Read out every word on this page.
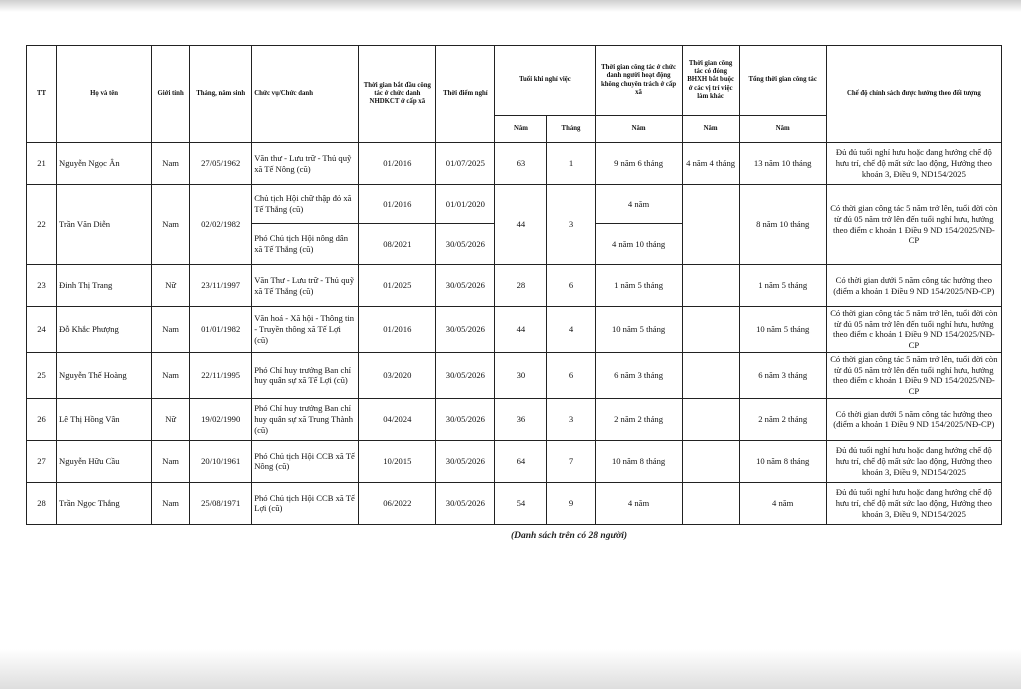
TT	Họ và tên	Giới tính	Tháng, năm sinh	Chức vụ/Chức danh	Thời gian bắt đầu công tác ở chức danh NHDKCT ở cấp xã	Thời điểm nghỉ	Tuổi khi nghỉ việc		Thời gian công tác ở chức danh người hoạt động không chuyên trách ở cấp xã	Thời gian công tác có đóng BHXH bắt buộc ở các vị trí việc làm khác	Tổng thời gian công tác	Chế độ chính sách được hưởng theo đối tượng
							Năm	Tháng	Năm	Năm	Năm	
21	Nguyễn Ngọc Ân	Nam	27/05/1962	Văn thư - Lưu trữ - Thủ quỹ xã Tế Nông (cũ)	01/2016	01/07/2025	63	1	9 năm 6 tháng	4 năm 4 tháng	13 năm 10 tháng	Đủ đủ tuổi nghỉ hưu hoặc đang hưởng chế độ hưu trí, chế độ mất sức lao động, Hưởng theo khoản 3, Điều 9, ND154/2025
22	Trần Văn Diễn	Nam	02/02/1982	Chủ tịch Hội chữ thập đỏ xã Tế Thắng (cũ)	01/2016	01/01/2020	44	3	4 năm		8 năm 10 tháng	Có thời gian công tác 5 năm trở lên, tuổi đời còn từ đủ 05 năm trở lên đến tuổi nghỉ hưu, hưởng theo điểm c khoản 1 Điều 9 ND 154/2025/NĐ-CP
				Phó Chủ tịch Hội nông dân xã Tế Thắng (cũ)	08/2021	30/05/2026			4 năm 10 tháng			
23	Đinh Thị Trang	Nữ	23/11/1997	Văn Thư - Lưu trữ - Thủ quỹ xã Tế Thắng (cũ)	01/2025	30/05/2026	28	6	1 năm 5 tháng		1 năm 5 tháng	Có thời gian dưới 5 năm công tác hưởng theo (điểm a khoản 1 Điều 9 ND 154/2025/NĐ-CP)
24	Đỗ Khắc Phượng	Nam	01/01/1982	Văn hoá - Xã hội - Thông tin - Truyền thông xã Tế Lợi (cũ)	01/2016	30/05/2026	44	4	10 năm 5 tháng		10 năm 5 tháng	Có thời gian công tác 5 năm trở lên, tuổi đời còn từ đủ 05 năm trở lên đến tuổi nghỉ hưu, hưởng theo điểm c khoản 1 Điều 9 ND 154/2025/NĐ-CP
25	Nguyễn Thế Hoàng	Nam	22/11/1995	Phó Chỉ huy trưởng Ban chỉ huy quân sự xã Tế Lợi (cũ)	03/2020	30/05/2026	30	6	6 năm 3 tháng		6 năm 3 tháng	Có thời gian công tác 5 năm trở lên, tuổi đời còn từ đủ 05 năm trở lên đến tuổi nghỉ hưu, hưởng theo điểm c khoản 1 Điều 9 ND 154/2025/NĐ-CP
26	Lê Thị Hồng Vân	Nữ	19/02/1990	Phó Chỉ huy trưởng Ban chỉ huy quân sự xã Trung Thành (cũ)	04/2024	30/05/2026	36	3	2 năm 2 tháng		2 năm 2 tháng	Có thời gian dưới 5 năm công tác hưởng theo (điểm a khoản 1 Điều 9 ND 154/2025/NĐ-CP)
27	Nguyễn Hữu Cầu	Nam	20/10/1961	Phó Chủ tịch Hội CCB xã Tế Nông (cũ)	10/2015	30/05/2026	64	7	10 năm 8 tháng		10 năm 8 tháng	Đủ đủ tuổi nghỉ hưu hoặc đang hưởng chế độ hưu trí, chế độ mất sức lao động, Hưởng theo khoản 3, Điều 9, ND154/2025
28	Trần Ngọc Thắng	Nam	25/08/1971	Phó Chủ tịch Hội CCB xã Tế Lợi (cũ)	06/2022	30/05/2026	54	9	4 năm		4 năm	Đủ đủ tuổi nghỉ hưu hoặc đang hưởng chế độ hưu trí, chế độ mất sức lao động, Hưởng theo khoản 3, Điều 9, ND154/2025
(Danh sách trên có 28 người)
